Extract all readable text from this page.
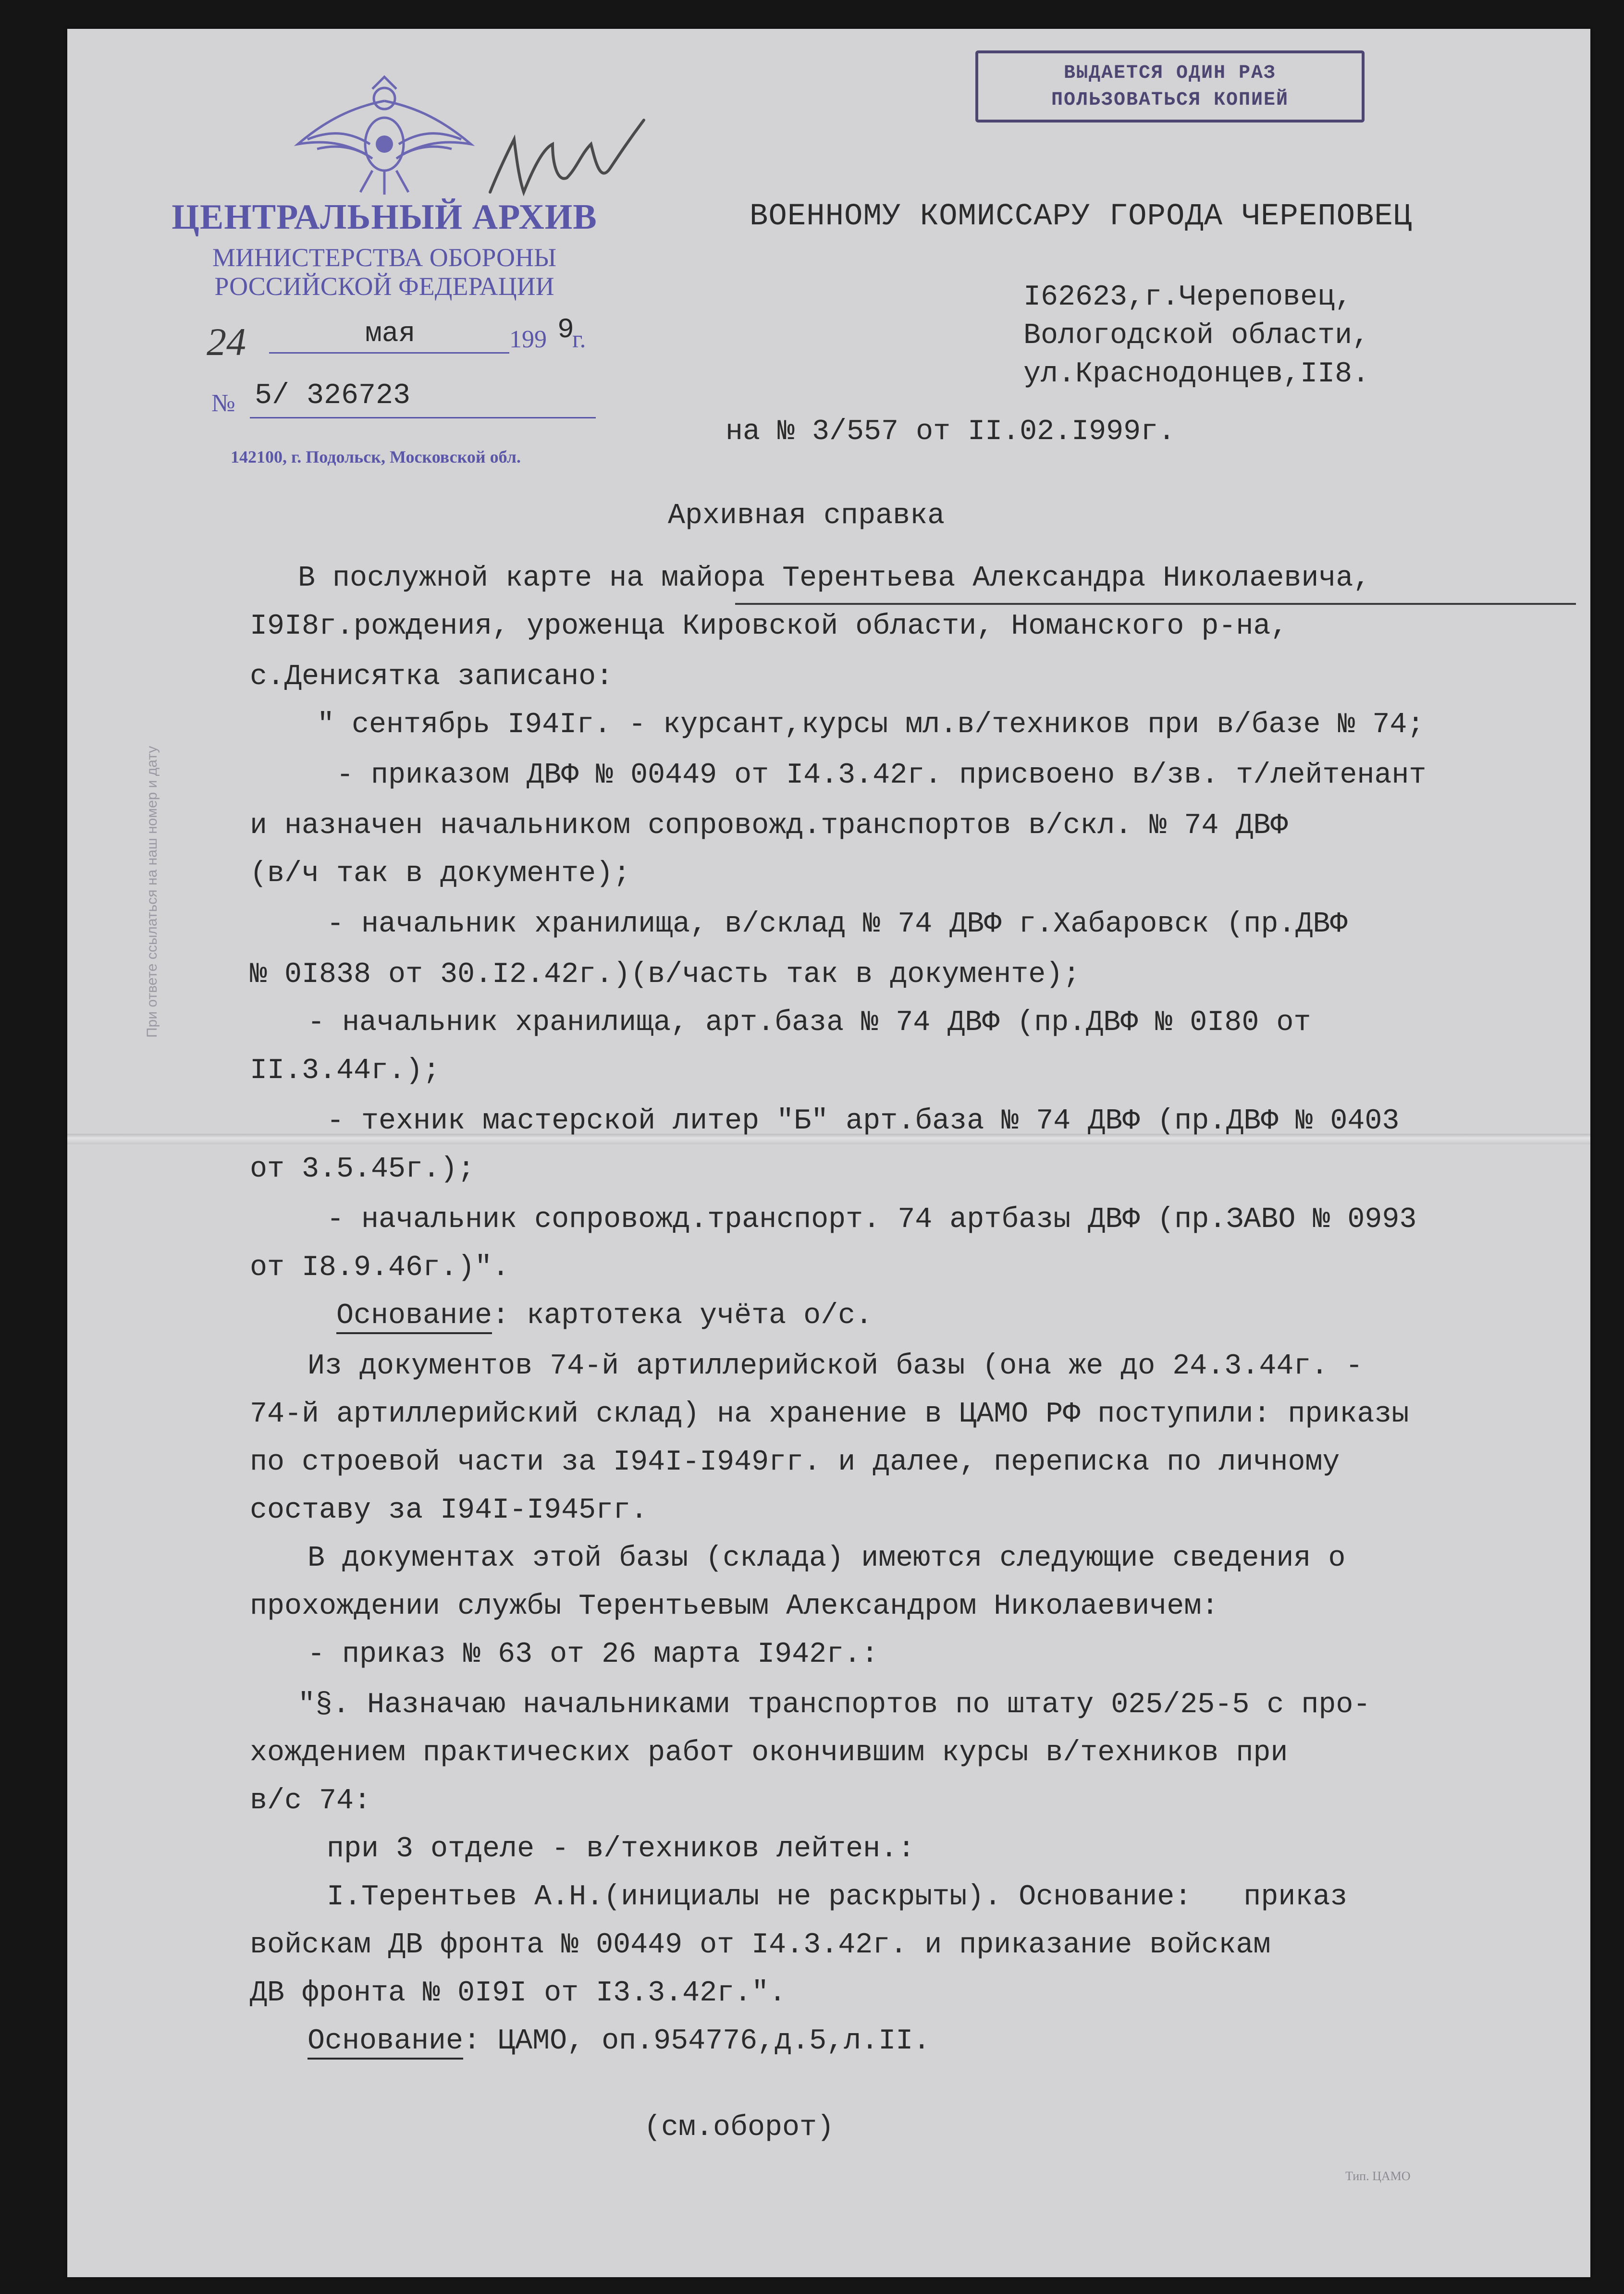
ВЫДАЕТСЯ ОДИН РАЗ
ПОЛЬЗОВАТЬСЯ КОПИЕЙ
ЦЕНТРАЛЬНЫЙ АРХИВ
МИНИСТЕРСТВА ОБОРОНЫ
РОССИЙСКОЙ ФЕДЕРАЦИИ
24	мая	199 г.
9
№ 5/ 326723
142100, г. Подольск, Московской обл.
ВОЕННОМУ КОМИССАРУ ГОРОДА ЧЕРЕПОВЕЦ
I62623,г.Череповец,
Вологодской области,
ул.Краснодонцев,II8.
на № 3/557 от II.02.I999г.
Архивная справка
При ответе ссылаться на наш номер и дату
В послужной карте на майора Терентьева Александра Николаевича,
I9I8г.рождения, уроженца Кировской области, Номанского р-на,
с.Денисятка записано:
" сентябрь I94Iг. - курсант,курсы мл.в/техников при в/базе № 74;
- приказом ДВФ № 00449 от I4.3.42г. присвоено в/зв. т/лейтенант
и назначен начальником сопровожд.транспортов в/скл. № 74 ДВФ
(в/ч так в документе);
- начальник хранилища, в/склад № 74 ДВФ г.Хабаровск (пр.ДВФ
№ 0I838 от 30.I2.42г.)(в/часть так в документе);
- начальник хранилища, арт.база № 74 ДВФ (пр.ДВФ № 0I80 от
II.3.44г.);
- техник мастерской литер "Б" арт.база № 74 ДВФ (пр.ДВФ № 0403
от 3.5.45г.);
- начальник сопровожд.транспорт. 74 артбазы ДВФ (пр.ЗАВО № 0993
от I8.9.46г.)".
Основание: картотека учёта о/с.
Из документов 74-й артиллерийской базы (она же до 24.3.44г. -
74-й артиллерийский склад) на хранение в ЦАМО РФ поступили: приказы
по строевой части за I94I-I949гг. и далее, переписка по личному
составу за I94I-I945гг.
В документах этой базы (склада) имеются следующие сведения о
прохождении службы Терентьевым Александром Николаевичем:
- приказ № 63 от 26 марта I942г.:
"§. Назначаю начальниками транспортов по штату 025/25-5 с про-
хождением практических работ окончившим курсы в/техников при
в/с 74:
при 3 отделе - в/техников лейтен.:
I.Терентьев А.Н.(инициалы не раскрыты). Основание:   приказ
войскам ДВ фронта № 00449 от I4.3.42г. и приказание войскам
ДВ фронта № 0I9I от I3.3.42г.".
Основание: ЦАМО, оп.954776,д.5,л.II.
(см.оборот)
Тип. ЦАМО
